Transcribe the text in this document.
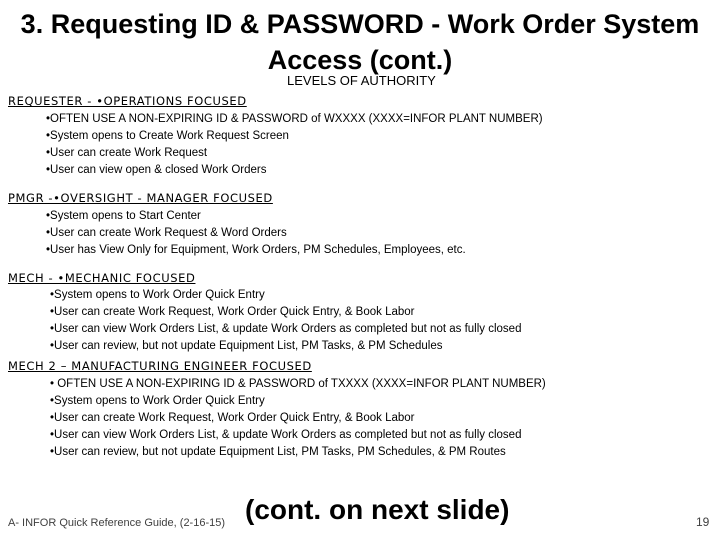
3. Requesting ID & PASSWORD - Work Order System
Access (cont.)
LEVELS OF AUTHORITY
REQUESTER - •OPERATIONS FOCUSED
• OFTEN USE A NON-EXPIRING ID & PASSWORD of WXXXX (XXXX=INFOR PLANT NUMBER)
• System opens to Create Work Request Screen
• User can create Work Request
• User can view open & closed Work Orders
PMGR -•OVERSIGHT - MANAGER FOCUSED
• System opens to Start Center
• User can create Work Request & Word Orders
• User has View Only for Equipment, Work Orders, PM Schedules, Employees, etc.
MECH - •MECHANIC FOCUSED
• System opens to Work Order Quick Entry
• User can create Work Request, Work Order Quick Entry, & Book Labor
• User can view Work Orders List, & update Work Orders as completed but not as fully closed
• User can review, but not update Equipment List, PM Tasks, & PM Schedules
MECH 2 – MANUFACTURING ENGINEER FOCUSED
• OFTEN USE A NON-EXPIRING ID & PASSWORD of TXXXX (XXXX=INFOR PLANT NUMBER)
• System opens to Work Order Quick Entry
• User can create Work Request, Work Order Quick Entry, & Book Labor
• User can view Work Orders List, & update Work Orders as completed but not as fully closed
• User can review, but not update Equipment List, PM Tasks, PM Schedules, & PM Routes
A- INFOR Quick Reference Guide, (2-16-15) (cont. on next slide)	19
